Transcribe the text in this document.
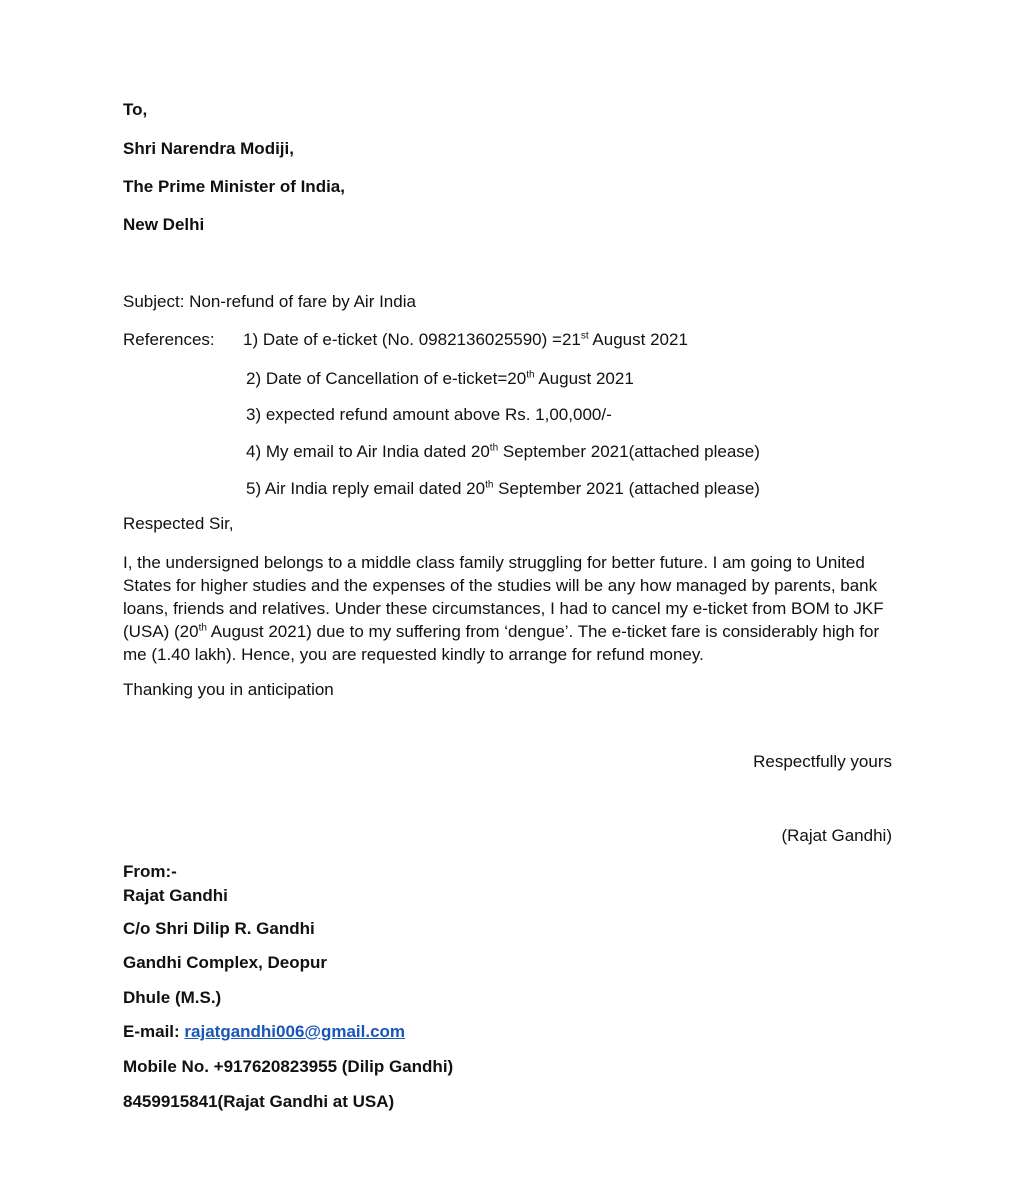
To,
Shri Narendra Modiji,
The Prime Minister of India,
New Delhi
Subject: Non-refund of fare by Air India
References: 1) Date of e-ticket (No. 0982136025590) =21st August 2021
2) Date of Cancellation of e-ticket=20th August 2021
3) expected refund amount above Rs. 1,00,000/-
4) My email to Air India dated 20th September 2021(attached please)
5) Air India reply email dated 20th September 2021 (attached please)
Respected Sir,
I, the undersigned belongs to a middle class family struggling for better future. I am going to United States for higher studies and the expenses of the studies will be any how managed by parents, bank loans, friends and relatives. Under these circumstances, I had to cancel my e-ticket from BOM to JKF (USA) (20th August 2021) due to my suffering from ‘dengue’. The e-ticket fare is considerably high for me (1.40 lakh). Hence, you are requested kindly to arrange for refund money.
Thanking you in anticipation
Respectfully yours
(Rajat Gandhi)
From:-
Rajat Gandhi
C/o Shri Dilip R. Gandhi
Gandhi Complex, Deopur
Dhule (M.S.)
E-mail: rajatgandhi006@gmail.com
Mobile No. +917620823955 (Dilip Gandhi)
8459915841(Rajat Gandhi at USA)
